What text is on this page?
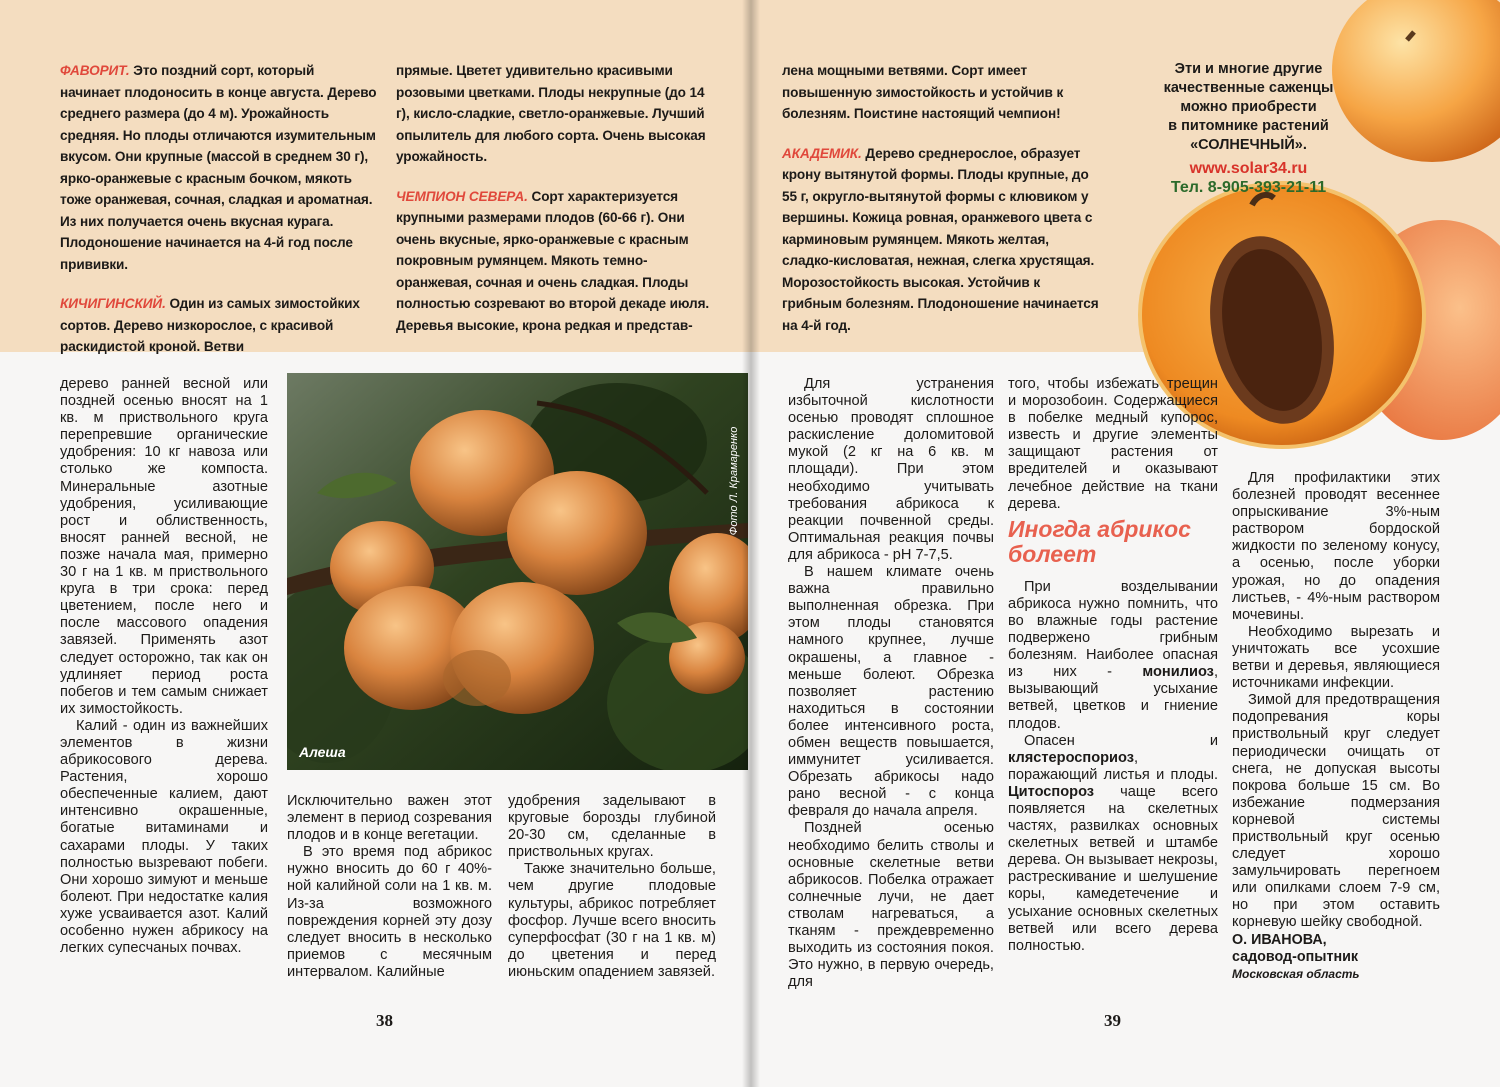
ФАВОРИТ. Это поздний сорт, который начинает плодоносить в конце августа. Дерево среднего размера (до 4 м). Урожайность средняя. Но плоды отличаются изумительным вкусом. Они крупные (массой в среднем 30 г), ярко-оранжевые с красным бочком, мякоть тоже оранжевая, сочная, сладкая и ароматная. Из них получается очень вкусная курага. Плодоношение начинается на 4-й год после прививки.

КИЧИГИНСКИЙ. Один из самых зимостойких сортов. Дерево низкорослое, с красивой раскидистой кроной. Ветви

прямые. Цветет удивительно красивыми розовыми цветками. Плоды некрупные (до 14 г), кисло-сладкие, светло-оранжевые. Лучший опылитель для любого сорта. Очень высокая урожайность.

ЧЕМПИОН СЕВЕРА. Сорт характеризуется крупными размерами плодов (60-66 г). Они очень вкусные, ярко-оранжевые с красным покровным румянцем. Мякоть темно-оранжевая, сочная и очень сладкая. Плоды полностью созревают во второй декаде июля. Деревья высокие, крона редкая и представ-

дерево ранней весной или поздней осенью вносят на 1 кв. м приствольного круга перепревшие органические удобрения: 10 кг навоза или столько же компоста. Минеральные азотные удобрения, усиливающие рост и облиственность, вносят ранней весной, не позже начала мая, примерно 30 г на 1 кв. м приствольного круга в три срока: перед цветением, после него и после массового опадения завязей. Применять азот следует осторожно, так как он удлиняет период роста побегов и тем самым снижает их зимостойкость.

Калий - один из важнейших элементов в жизни абрикосового дерева. Растения, хорошо обеспеченные калием, дают интенсивно окрашенные, богатые витаминами и сахарами плоды. У таких полностью вызревают побеги. Они хорошо зимуют и меньше болеют. При недостатке калия хуже усваивается азот. Калий особенно нужен абрикосу на легких супесчаных почвах.

Алеша
Фото Л. Крамаренко

Исключительно важен этот элемент в период созревания плодов и в конце вегетации.

В это время под абрикос нужно вносить до 60 г 40%-ной калийной соли на 1 кв. м. Из-за возможного повреждения корней эту дозу следует вносить в несколько приемов с месячным интервалом. Калийные

удобрения заделывают в круговые борозды глубиной 20-30 см, сделанные в приствольных кругах.

Также значительно больше, чем другие плодовые культуры, абрикос потребляет фосфор. Лучше всего вносить суперфосфат (30 г на 1 кв. м) до цветения и перед июньским опадением завязей.

38

лена мощными ветвями. Сорт имеет повышенную зимостойкость и устойчив к болезням. Поистине настоящий чемпион!

АКАДЕМИК. Дерево среднерослое, образует крону вытянутой формы. Плоды крупные, до 55 г, округло-вытянутой формы с клювиком у вершины. Кожица ровная, оранжевого цвета с карминовым румянцем. Мякоть желтая, сладко-кисловатая, нежная, слегка хрустящая. Морозостойкость высокая. Устойчив к грибным болезням. Плодоношение начинается на 4-й год.

Эти и многие другие
качественные саженцы
можно приобрести
в питомнике растений
«СОЛНЕЧНЫЙ».
www.solar34.ru
Тел. 8-905-393-21-11

Для устранения избыточной кислотности осенью проводят сплошное раскисление доломитовой мукой (2 кг на 6 кв. м площади). При этом необходимо учитывать требования абрикоса к реакции почвенной среды. Оптимальная реакция почвы для абрикоса - pH 7-7,5.

В нашем климате очень важна правильно выполненная обрезка. При этом плоды становятся намного крупнее, лучше окрашены, а главное - меньше болеют. Обрезка позволяет растению находиться в состоянии более интенсивного роста, обмен веществ повышается, иммунитет усиливается. Обрезать абрикосы надо рано весной - с конца февраля до начала апреля.

Поздней осенью необходимо белить стволы и основные скелетные ветви абрикосов. Побелка отражает солнечные лучи, не дает стволам нагреваться, а тканям - преждевременно выходить из состояния покоя. Это нужно, в первую очередь, для

того, чтобы избежать трещин и морозобоин. Содержащиеся в побелке медный купорос, известь и другие элементы защищают растения от вредителей и оказывают лечебное действие на ткани дерева.

Иногда абрикос
болеет

При возделывании абрикоса нужно помнить, что во влажные годы растение подвержено грибным болезням. Наиболее опасная из них - монилиоз, вызывающий усыхание ветвей, цветков и гниение плодов.

Опасен и клястероспориоз, поражающий листья и плоды. Цитоспороз чаще всего появляется на скелетных частях, развилках основных скелетных ветвей и штамбе дерева. Он вызывает некрозы, растрескивание и шелушение коры, камедетечение и усыхание основных скелетных ветвей или всего дерева полностью.

Для профилактики этих болезней проводят весеннее опрыскивание 3%-ным раствором бордоской жидкости по зеленому конусу, а осенью, после уборки урожая, но до опадения листьев, - 4%-ным раствором мочевины.

Необходимо вырезать и уничтожать все усохшие ветви и деревья, являющиеся источниками инфекции.

Зимой для предотвращения подопревания коры приствольный круг следует периодически очищать от снега, не допуская высоты покрова больше 15 см. Во избежание подмерзания корневой системы приствольный круг осенью следует хорошо замульчировать перегноем или опилками слоем 7-9 см, но при этом оставить корневую шейку свободной.

О. ИВАНОВА,
садовод-опытник
Московская область
39
